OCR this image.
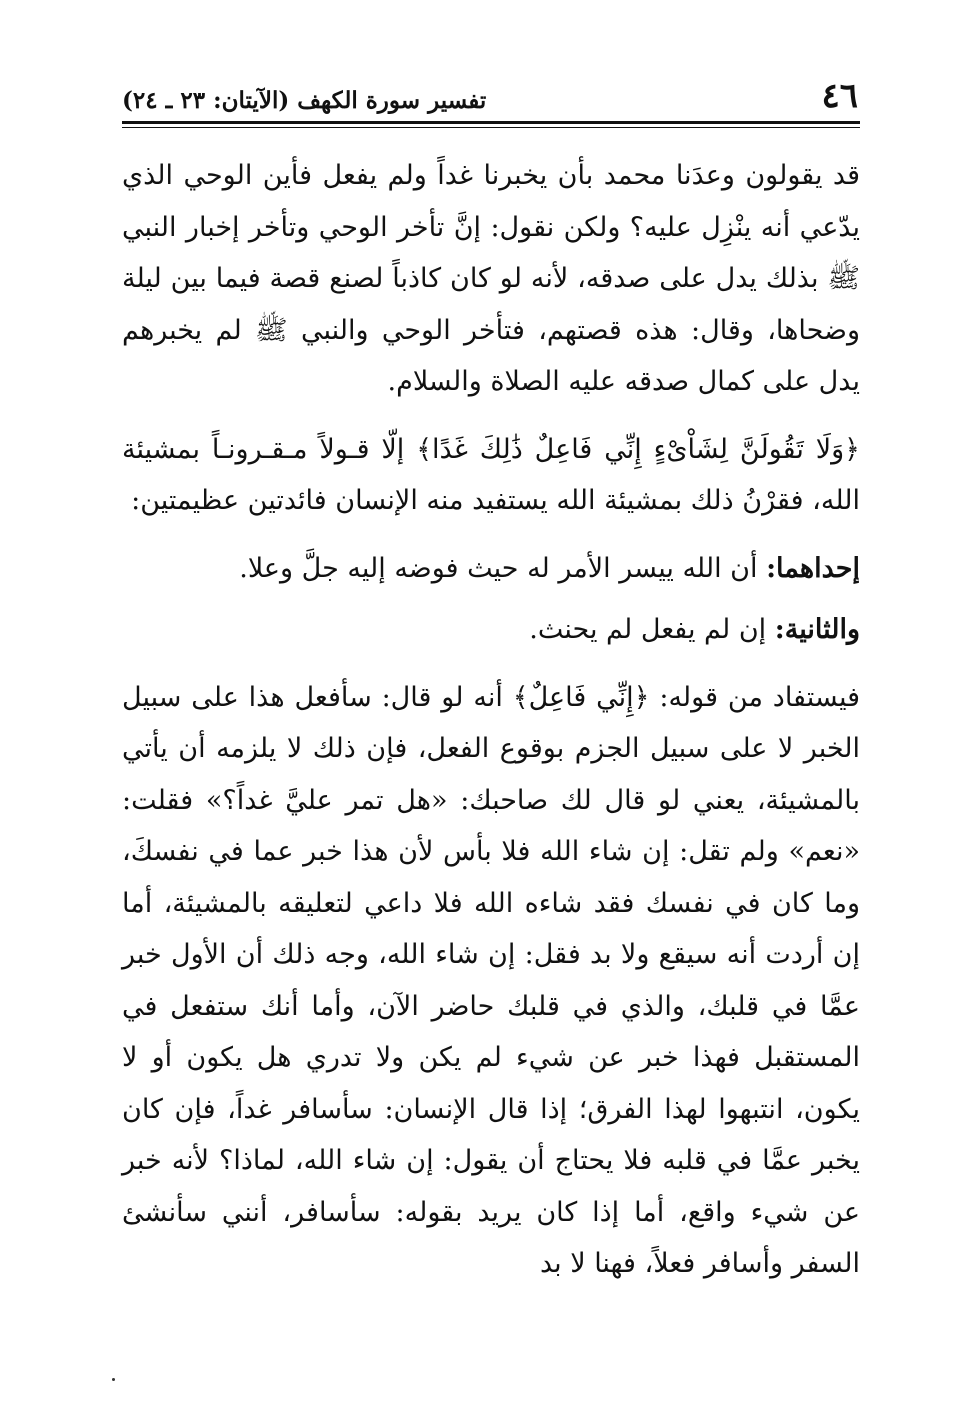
٤٦
تفسير سورة الكهف (الآيتان: ٢٣ ـ ٢٤)

قد يقولون وعدَنا محمد بأن يخبرنا غداً ولم يفعل فأين الوحي الذي يدّعي أنه ينْزِل عليه؟ ولكن نقول: إنَّ تأخر الوحي وتأخر إخبار النبي ﷺ بذلك يدل على صدقه، لأنه لو كان كاذباً لصنع قصة فيما بين ليلة وضحاها، وقال: هذه قصتهم، فتأخر الوحي والنبي ﷺ لم يخبرهم يدل على كمال صدقه عليه الصلاة والسلام.

﴿وَلَا تَقُولَنَّ لِشَاْىْءٍ إِنِّي فَاعِلٌ ذَٰلِكَ غَدًا﴾ إلّا قـولاً مـقـرونـاً بمشيئة الله، فقرْنُ ذلك بمشيئة الله يستفيد منه الإنسان فائدتين عظيمتين:

إحداهما: أن الله ييسر الأمر له حيث فوضه إليه جلَّ وعلا.

والثانية: إن لم يفعل لم يحنث.

فيستفاد من قوله: ﴿إِنِّي فَاعِلٌ﴾ أنه لو قال: سأفعل هذا على سبيل الخبر لا على سبيل الجزم بوقوع الفعل، فإن ذلك لا يلزمه أن يأتي بالمشيئة، يعني لو قال لك صاحبك: «هل تمر عليَّ غداً؟» فقلت: «نعم» ولم تقل: إن شاء الله فلا بأس لأن هذا خبر عما في نفسكَ، وما كان في نفسك فقد شاءه الله فلا داعي لتعليقه بالمشيئة، أما إن أردت أنه سيقع ولا بد فقل: إن شاء الله، وجه ذلك أن الأول خبر عمَّا في قلبك، والذي في قلبك حاضر الآن، وأما أنك ستفعل في المستقبل فهذا خبر عن شيء لم يكن ولا تدري هل يكون أو لا يكون، انتبهوا لهذا الفرق؛ إذا قال الإنسان: سأسافر غداً، فإن كان يخبر عمَّا في قلبه فلا يحتاج أن يقول: إن شاء الله، لماذا؟ لأنه خبر عن شيء واقع، أما إذا كان يريد بقوله: سأسافر، أنني سأنشئ السفر وأسافر فعلاً، فهنا لا بد
